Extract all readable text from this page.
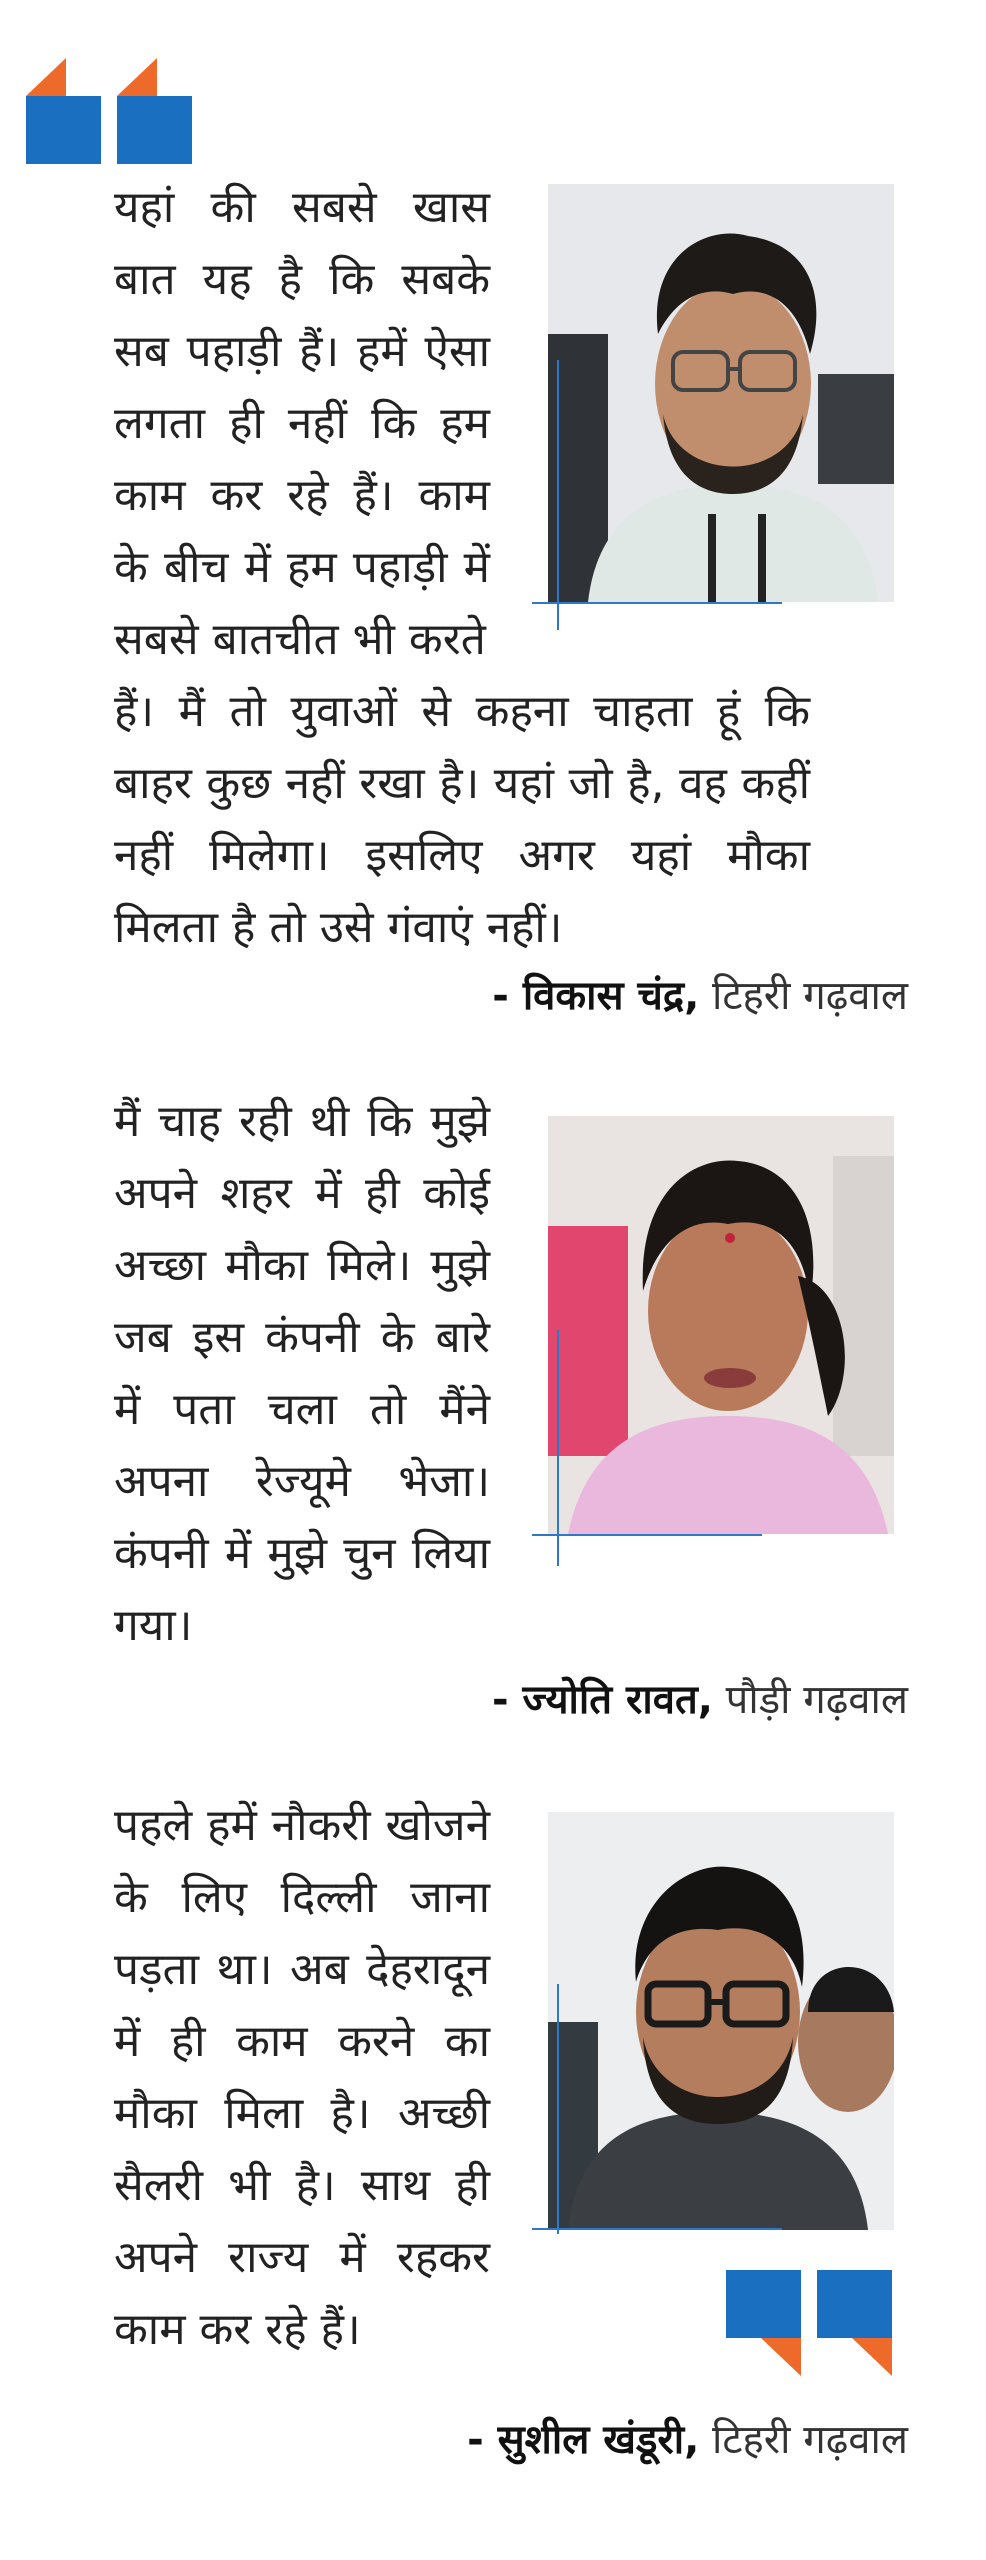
यहां की सबसे खास बात यह है कि सबके सब पहाड़ी हैं। हमें ऐसा लगता ही नहीं कि हम काम कर रहे हैं। काम के बीच में हम पहाड़ी में सबसे बातचीत भी करते

हैं। मैं तो युवाओं से कहना चाहता हूं कि बाहर कुछ नहीं रखा है। यहां जो है, वह कहीं नहीं मिलेगा। इसलिए अगर यहां मौका मिलता है तो उसे गंवाएं नहीं।

- विकास चंद्र, टिहरी गढ़वाल

मैं चाह रही थी कि मुझे अपने शहर में ही कोई अच्छा मौका मिले। मुझे जब इस कंपनी के बारे में पता चला तो मैंने अपना रेज्यूमे भेजा। कंपनी में मुझे चुन लिया गया।

- ज्योति रावत, पौड़ी गढ़वाल

पहले हमें नौकरी खोजने के लिए दिल्ली जाना पड़ता था। अब देहरादून में ही काम करने का मौका मिला है। अच्छी सैलरी भी है। साथ ही अपने राज्य में रहकर काम कर रहे हैं।

- सुशील खंडूरी, टिहरी गढ़वाल
